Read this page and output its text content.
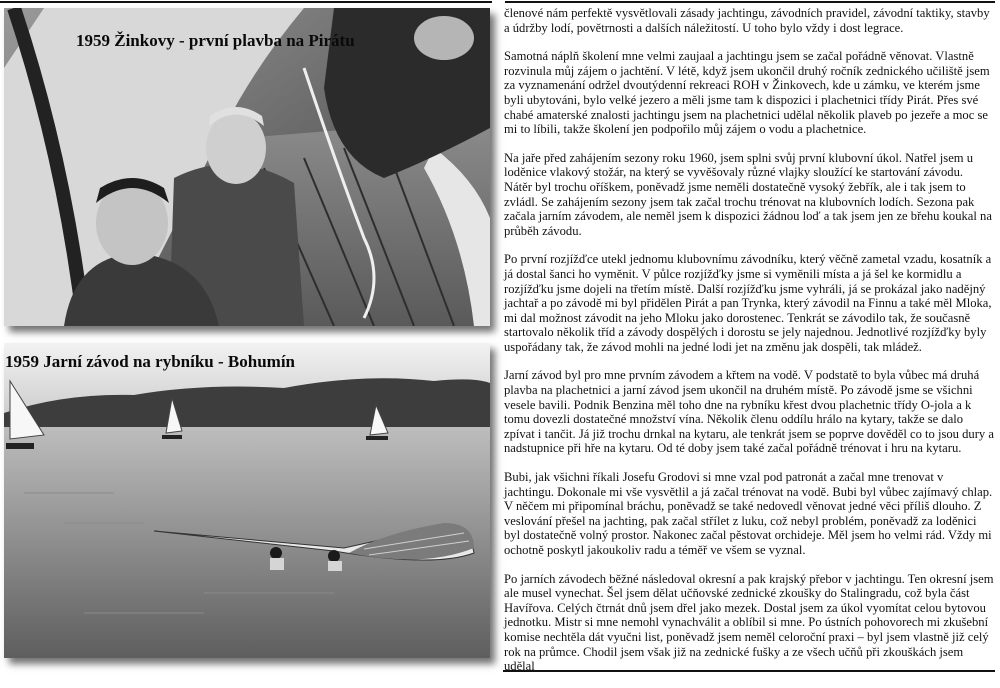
1959 Žinkovy - první plavba na Pirátu
1959 Jarní závod na rybníku - Bohumín

členové nám perfektě vysvětlovali zásady jachtingu, závodních pravidel, závodní taktiky, stavby a údržby lodí, povětrnosti a dalších náležitostí. U toho bylo vždy i dost legrace.

Samotná náplň školení mne velmi zaujaal a jachtingu jsem se začal pořádně věnovat. Vlastně rozvinula můj zájem o jachtění. V létě, když jsem ukončil druhý ročník zednického učiliště jsem za vyznamenání održel dvoutýdenní rekreaci ROH v Žinkovech, kde u zámku, ve kterém jsme byli ubytováni, bylo velké jezero a měli jsme tam k dispozici i plachetnici třídy Pirát. Přes své chabé amaterské znalosti jachtingu jsem na plachetnici udělal několik plaveb po jezeře a moc se mi to líbili, takže školení jen podpořilo můj zájem o vodu a plachetnice.

Na jaře před zahájením sezony roku 1960, jsem splni svůj první klubovní úkol. Natřel jsem u loděnice vlakový stožár, na který se vyvěšovaly různé vlajky sloužící ke startování závodu. Nátěr byl trochu oříškem, poněvadž jsme neměli dostatečně vysoký žebřík, ale i tak jsem to zvládl. Se zahájením sezony jsem tak začal trochu trénovat na klubovních lodích. Sezona pak začala jarním závodem, ale neměl jsem k dispozici žádnou loď a tak jsem jen ze břehu koukal na průběh závodu.

Po první rozjížďce utekl jednomu klubovnímu závodníku, který věčně zametal vzadu, kosatník a já dostal šanci ho vyměnit. V půlce rozjížďky jsme si vyměnili místa a já šel ke kormidlu a rozjížďku jsme dojeli na třetím místě. Další rozjížďku jsme vyhráli, já se prokázal jako nadějný jachtař a po závodě mi byl přidělen Pirát a pan Trynka, který závodil na Finnu a také měl Mloka, mi dal možnost závodit na jeho Mloku jako dorostenec. Tenkrát se závodilo tak, že současně startovalo několik tříd a závody dospělých i dorostu se jely najednou. Jednotlivé rozjížďky byly uspořádany tak, že závod mohli na jedné lodi jet na změnu jak dospěli, tak mládež.

Jarní závod byl pro mne prvním závodem a křtem na vodě. V podstatě to byla vůbec má druhá plavba na plachetnici a jarní závod jsem ukončil na druhém místě. Po závodě jsme se všichni vesele bavili. Podnik Benzina měl toho dne na rybníku křest dvou plachetnic třídy O-jola a k tomu dovezli dostatečné množství vína. Několik členu oddílu hrálo na kytary, takže se dalo zpívat i tančit. Já již trochu drnkal na kytaru, ale tenkrát jsem se poprve dověděl co to jsou dury a nadstupnice při hře na kytaru. Od té doby jsem také začal pořádně trénovat i hru na kytaru.

Bubi, jak všichni říkali Josefu Grodovi si mne vzal pod patronát a začal mne trenovat v jachtingu. Dokonale mi vše vysvětlil a já začal trénovat na vodě. Bubi byl vůbec zajímavý chlap. V něčem mi připomínal bráchu, poněvadž se také nedovedl věnovat jedné věci příliš dlouho. Z veslování přešel na jachting, pak začal střílet z luku, což nebyl problém, poněvadž za loděnici byl dostatečně volný prostor. Nakonec začal pěstovat orchideje. Měl jsem ho velmi rád. Vždy mi ochotně poskytl jakoukoliv radu a téměř ve všem se vyznal.

Po jarních závodech běžné následoval okresní a pak krajský přebor v jachtingu. Ten okresní jsem ale musel vynechat. Šel jsem dělat učňovské zednické zkoušky do Stalingradu, což byla část Havířova. Celých čtrnát dnů jsem dřel jako mezek. Dostal jsem za úkol vyomítat celou bytovou jednotku. Mistr si mne nemohl vynachválit a oblíbil si mne. Po ústních pohovorech mi zkušební komise nechtěla dát vyučni list, poněvadž jsem neměl celoroční praxi – byl jsem vlastně již celý rok na průmce. Chodil jsem však již na zednické fušky a ze všech učňů při zkouškách jsem udělal
